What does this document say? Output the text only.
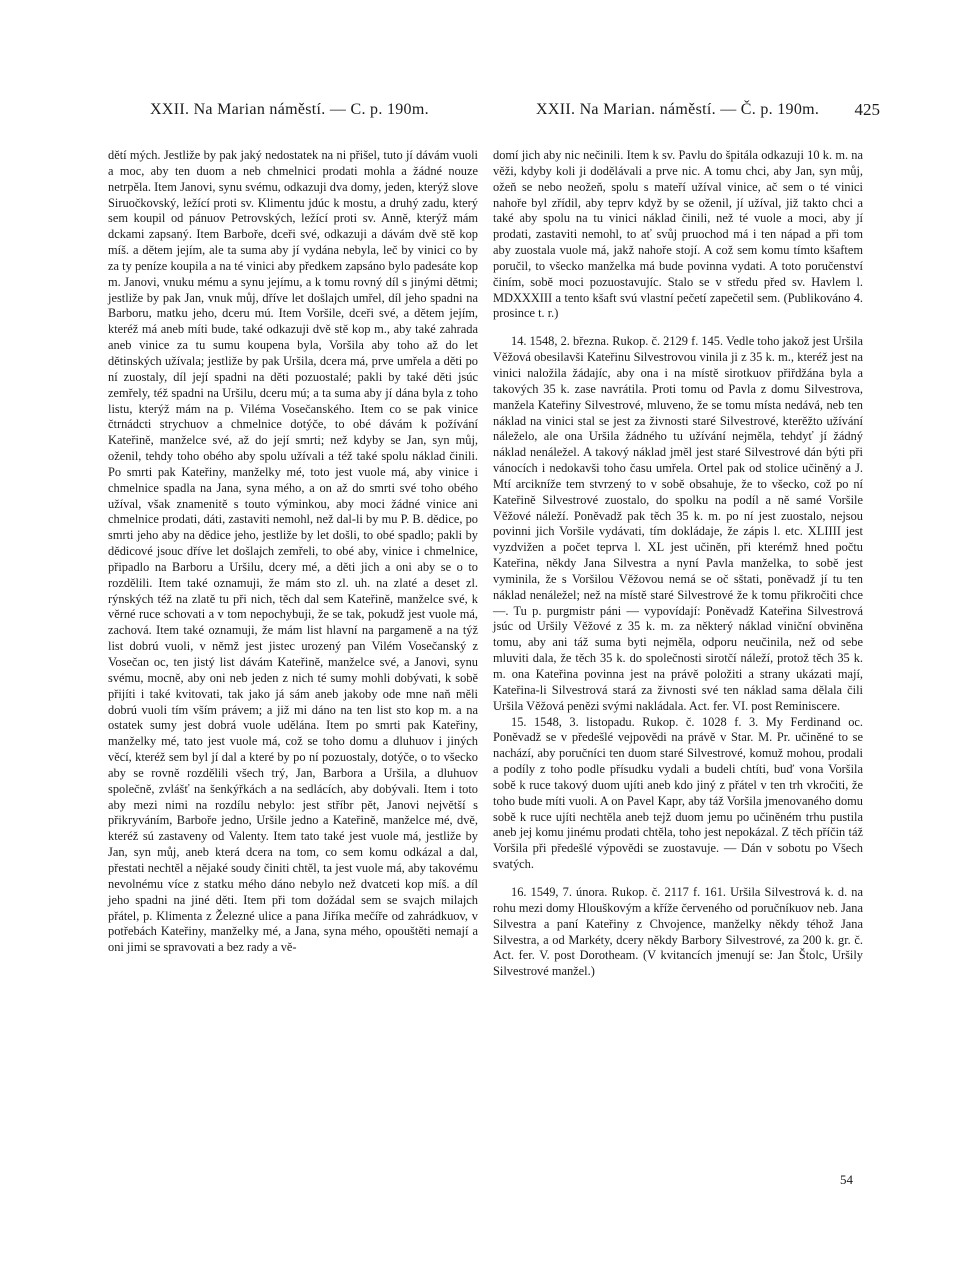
XXII. Na Marian náměstí. — C. p. 190m.	XXII. Na Marian. náměstí. — Č. p. 190m. 425

dětí mých. Jestliže by pak jaký nedostatek na ni přišel, tuto jí dávám vuoli a moc, aby ten duom a neb chmelnici prodati mohla a žádné nouze netrpěla. Item Janovi, synu svému, odkazuji dva domy, jeden, kterýž slove Siruočkovský, ležící proti sv. Klimentu jdúc k mostu, a druhý zadu, který sem koupil od pánuov Petrovských, ležící proti sv. Anně, kterýž mám dckami zapsaný. Item Barboře, dceři své, odkazuji a dávám dvě stě kop míš. a dětem jejím, ale ta suma aby jí vydána nebyla, leč by vinici co by za ty peníze koupila a na té vinici aby předkem zapsáno bylo padesáte kop m. Janovi, vnuku mému a synu jejímu, a k tomu rovný díl s jinými dětmi; jestliže by pak Jan, vnuk můj, dříve let došlajch umřel, díl jeho spadni na Barboru, matku jeho, dceru mú. Item Voršile, dceři své, a dětem jejím, kteréž má aneb míti bude, také odkazuji dvě stě kop m., aby také zahrada aneb vinice za tu sumu koupena byla, Voršila aby toho až do let dětinských užívala; jestliže by pak Uršila, dcera má, prve umřela a děti po ní zuostaly, díl její spadni na děti pozuostalé; pakli by také děti jsúc zemřely, též spadni na Uršilu, dceru mú; a ta suma aby jí dána byla z toho listu, kterýž mám na p. Viléma Vosečanského. Item co se pak vinice čtrnádcti strychuov a chmelnice dotýče, to obé dávám k požívání Kateřině, manželce své, až do její smrti; než kdyby se Jan, syn můj, oženil, tehdy toho obého aby spolu užívali a též také spolu náklad činili. Po smrti pak Kateřiny, manželky mé, toto jest vuole má, aby vinice i chmelnice spadla na Jana, syna mého, a on až do smrti své toho obého užíval, však znamenitě s touto výminkou, aby moci žádné vinice ani chmelnice prodati, dáti, zastaviti nemohl, než dal-li by mu P. B. dědice, po smrti jeho aby na dědice jeho, jestliže by let došli, to obé spadlo; pakli by dědicové jsouc dříve let došlajch zemřeli, to obé aby, vinice i chmelnice, připadlo na Barboru a Uršilu, dcery mé, a děti jich a oni aby se o to rozdělili. Item také oznamuji, že mám sto zl. uh. na zlaté a deset zl. rýnských též na zlatě tu při nich, těch dal sem Kateřině, manželce své, k věrné ruce schovati a v tom nepochybuji, že se tak, pokudž jest vuole má, zachová. Item také oznamuji, že mám list hlavní na pargameně a na týž list dobrú vuoli, v němž jest jistec urozený pan Vilém Vosečanský z Vosečan oc, ten jistý list dávám Kateřině, manželce své, a Janovi, synu svému, mocně, aby oni neb jeden z nich té sumy mohli dobývati, k sobě přijíti i také kvitovati, tak jako já sám aneb jakoby ode mne naň měli dobrú vuoli tím vším právem; a již mi dáno na ten list sto kop m. a na ostatek sumy jest dobrá vuole udělána. Item po smrti pak Kateřiny, manželky mé, tato jest vuole má, což se toho domu a dluhuov i jiných věcí, kteréž sem byl jí dal a které by po ní pozuostaly, dotýče, o to všecko aby se rovně rozdělili všech trý, Jan, Barbora a Uršila, a dluhuov společně, zvlášť na šenkýřkách a na sedlácích, aby dobývali. Item i toto aby mezi nimi na rozdílu nebylo: jest stříbr pět, Janovi největší s přikryváním, Barboře jedno, Uršile jedno a Kateřině, manželce mé, dvě, kteréž sú zastaveny od Valenty. Item tato také jest vuole má, jestliže by Jan, syn můj, aneb která dcera na tom, co sem komu odkázal a dal, přestati nechtěl a nějaké soudy činiti chtěl, ta jest vuole má, aby takovému nevolnému více z statku mého dáno nebylo než dvatceti kop míš. a díl jeho spadni na jiné děti. Item při tom dožádal sem se svajch milajch přátel, p. Klimenta z Železné ulice a pana Jiříka mečíře od zahrádkuov, v potřebách Kateřiny, manželky mé, a Jana, syna mého, opouštěti nemají a oni jimi se spravovati a bez rady a vě-

domí jich aby nic nečinili. Item k sv. Pavlu do špitála odkazuji 10 k. m. na věži, kdyby koli ji dodělávali a prve nic. A tomu chci, aby Jan, syn můj, ožeň se nebo neožeň, spolu s mateří užíval vinice, ač sem o té vinici nahoře byl zřídil, aby teprv když by se oženil, jí užíval, již takto chci a také aby spolu na tu vinici náklad činili, než té vuole a moci, aby jí prodati, zastaviti nemohl, to ať svůj pruochod má i ten nápad a při tom aby zuostala vuole má, jakž nahoře stojí. A což sem komu tímto kšaftem poručil, to všecko manželka má bude povinna vydati. A toto poručenství činím, sobě moci pozuostavujíc. Stalo se v středu před sv. Havlem l. MDXXXIII a tento kšaft svú vlastní pečetí zapečetil sem. (Publikováno 4. prosince t. r.)

14. 1548, 2. března. Rukop. č. 2129 f. 145. Vedle toho jakož jest Uršila Věžová obesilavši Kateřinu Silvestrovou vinila ji z 35 k. m., kteréž jest na vinici naložila žádajíc, aby ona i na místě sirotkuov přiřdžána byla a takových 35 k. zase navrátila. Proti tomu od Pavla z domu Silvestrova, manžela Kateřiny Silvestrové, mluveno, že se tomu místa nedává, neb ten náklad na vinici stal se jest za živnosti staré Silvestrové, kterěžto užívání náleželo, ale ona Uršila žádného tu užívání nejměla, tehdyť jí žádný náklad nenáležel. A takový náklad jměl jest staré Silvestrové dán býti při vánocích i nedokavši toho času umřela. Ortel pak od stolice učiněný a J. Mtí arcikníže tem stvrzený to v sobě obsahuje, že to všecko, což po ní Kateřině Silvestrové zuostalo, do spolku na podíl a ně samé Voršile Věžové náleží. Poněvadž pak těch 35 k. m. po ní jest zuostalo, nejsou povinni jich Voršile vydávati, tím dokládaje, že zápis l. etc. XLIIII jest vyzdvižen a počet teprva l. XL jest učiněn, při kterémž hned počtu Kateřina, někdy Jana Silvestra a nyní Pavla manželka, to sobě jest vyminila, že s Voršilou Věžovou nemá se oč sštati, poněvadž jí tu ten náklad nenáležel; než na místě staré Silvestrové že k tomu přikročiti chce —. Tu p. purgmistr páni — vypovídají: Poněvadž Kateřina Silvestrová jsúc od Uršily Věžové z 35 k. m. za některý náklad viniční obviněna tomu, aby ani táž suma byti nejměla, odporu neučinila, než od sebe mluviti dala, že těch 35 k. do společnosti sirotčí náleží, protož těch 35 k. m. ona Kateřina povinna jest na právě položiti a strany ukázati mají, Kateřina-li Silvestrová stará za živnosti své ten náklad sama dělala čili Uršila Věžová penězi svými nakládala. Act. fer. VI. post Reminiscere.

15. 1548, 3. listopadu. Rukop. č. 1028 f. 3. My Ferdinand oc. Poněvadž se v předešlé vejpovědi na právě v Star. M. Pr. učiněné to se nachází, aby poručníci ten duom staré Silvestrové, komuž mohou, prodali a podíly z toho podle přísudku vydali a budeli chtíti, buď vona Voršila sobě k ruce takový duom ujíti aneb kdo jiný z přátel v ten trh vkročiti, že toho bude míti vuoli. A on Pavel Kapr, aby táž Voršila jmenovaného domu sobě k ruce ujíti nechtěla aneb tejž duom jemu po učiněném trhu pustila aneb jej komu jinému prodati chtěla, toho jest nepokázal. Z těch příčin táž Voršila při předešlé výpovědi se zuostavuje. — Dán v sobotu po Všech svatých.

16. 1549, 7. února. Rukop. č. 2117 f. 161. Uršila Silvestrová k. d. na rohu mezi domy Hlouškovým a kříže červeného od poručníkuov neb. Jana Silvestra a paní Kateřiny z Chvojence, manželky někdy téhož Jana Silvestra, a od Markéty, dcery někdy Barbory Silvestrové, za 200 k. gr. č. Act. fer. V. post Dorotheam. (V kvitancích jmenují se: Jan Štolc, Uršily Silvestrové manžel.)

54
